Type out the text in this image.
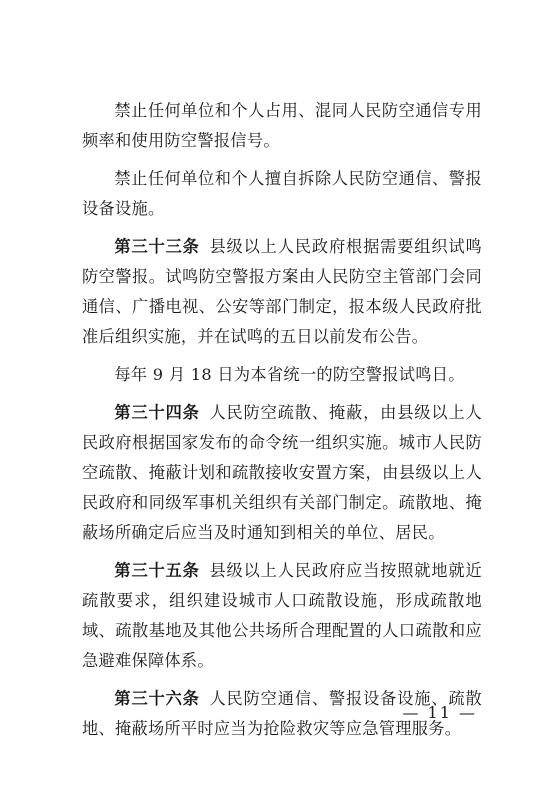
禁止任何单位和个人占用、混同人民防空通信专用频率和使用防空警报信号。

禁止任何单位和个人擅自拆除人民防空通信、警报设备设施。

第三十三条 县级以上人民政府根据需要组织试鸣防空警报。试鸣防空警报方案由人民防空主管部门会同通信、广播电视、公安等部门制定，报本级人民政府批准后组织实施，并在试鸣的五日以前发布公告。

每年 9 月 18 日为本省统一的防空警报试鸣日。

第三十四条 人民防空疏散、掩蔽，由县级以上人民政府根据国家发布的命令统一组织实施。城市人民防空疏散、掩蔽计划和疏散接收安置方案，由县级以上人民政府和同级军事机关组织有关部门制定。疏散地、掩蔽场所确定后应当及时通知到相关的单位、居民。

第三十五条 县级以上人民政府应当按照就地就近疏散要求，组织建设城市人口疏散设施，形成疏散地域、疏散基地及其他公共场所合理配置的人口疏散和应急避难保障体系。

第三十六条 人民防空通信、警报设备设施、疏散地、掩蔽场所平时应当为抢险救灾等应急管理服务。

— 11 —
